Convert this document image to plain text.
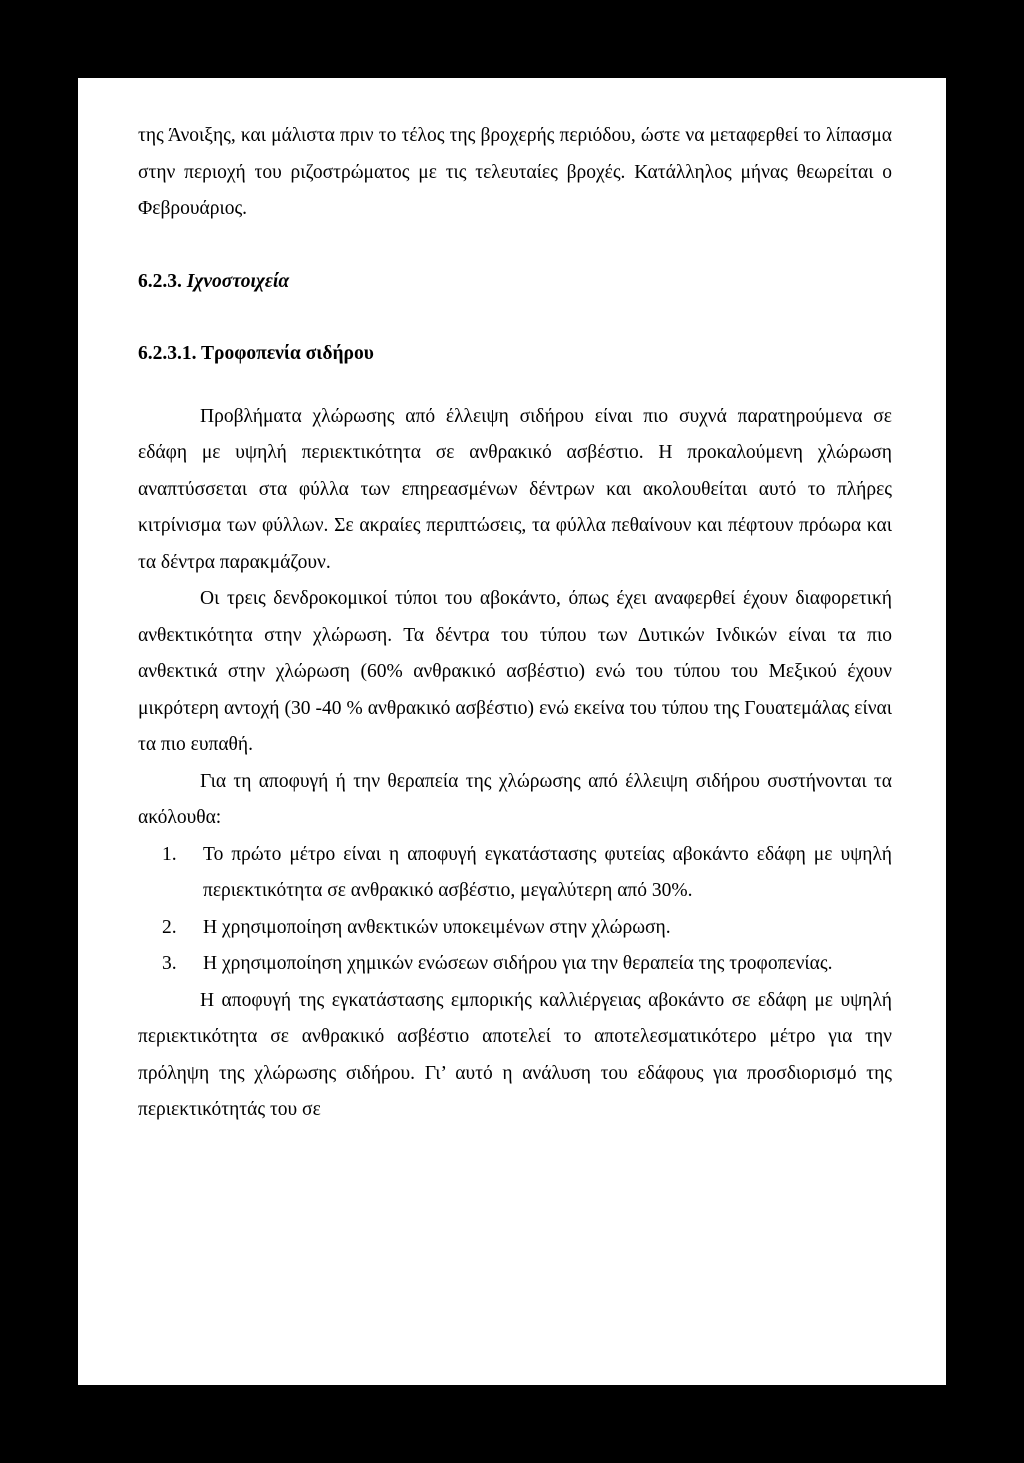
της Άνοιξης, και μάλιστα πριν το τέλος της βροχερής περιόδου, ώστε να μεταφερθεί το λίπασμα στην περιοχή του ριζοστρώματος με τις τελευταίες βροχές. Κατάλληλος μήνας θεωρείται ο Φεβρουάριος.

6.2.3. Ιχνοστοιχεία

6.2.3.1. Τροφοπενία σιδήρου

Προβλήματα χλώρωσης από έλλειψη σιδήρου είναι πιο συχνά παρατηρούμενα σε εδάφη με υψηλή περιεκτικότητα σε ανθρακικό ασβέστιο. Η προκαλούμενη χλώρωση αναπτύσσεται στα φύλλα των επηρεασμένων δέντρων και ακολουθείται αυτό το πλήρες κιτρίνισμα των φύλλων. Σε ακραίες περιπτώσεις, τα φύλλα πεθαίνουν και πέφτουν πρόωρα και τα δέντρα παρακμάζουν.

Οι τρεις δενδροκομικοί τύποι του αβοκάντο, όπως έχει αναφερθεί έχουν διαφορετική ανθεκτικότητα στην χλώρωση. Τα δέντρα του τύπου των Δυτικών Ινδικών είναι τα πιο ανθεκτικά στην χλώρωση (60% ανθρακικό ασβέστιο) ενώ του τύπου του Μεξικού έχουν μικρότερη αντοχή (30 -40 % ανθρακικό ασβέστιο) ενώ εκείνα του τύπου της Γουατεμάλας είναι τα πιο ευπαθή.

Για τη αποφυγή ή την θεραπεία της χλώρωσης από έλλειψη σιδήρου συστήνονται τα ακόλουθα:

1. Το πρώτο μέτρο είναι η αποφυγή εγκατάστασης φυτείας αβοκάντο εδάφη με υψηλή περιεκτικότητα σε ανθρακικό ασβέστιο, μεγαλύτερη από 30%.
2. Η χρησιμοποίηση ανθεκτικών υποκειμένων στην χλώρωση.
3. Η χρησιμοποίηση χημικών ενώσεων σιδήρου για την θεραπεία της τροφοπενίας.

Η αποφυγή της εγκατάστασης εμπορικής καλλιέργειας αβοκάντο σε εδάφη με υψηλή περιεκτικότητα σε ανθρακικό ασβέστιο αποτελεί το αποτελεσματικότερο μέτρο για την πρόληψη της χλώρωσης σιδήρου. Γι’ αυτό η ανάλυση του εδάφους για προσδιορισμό της περιεκτικότητάς του σε
